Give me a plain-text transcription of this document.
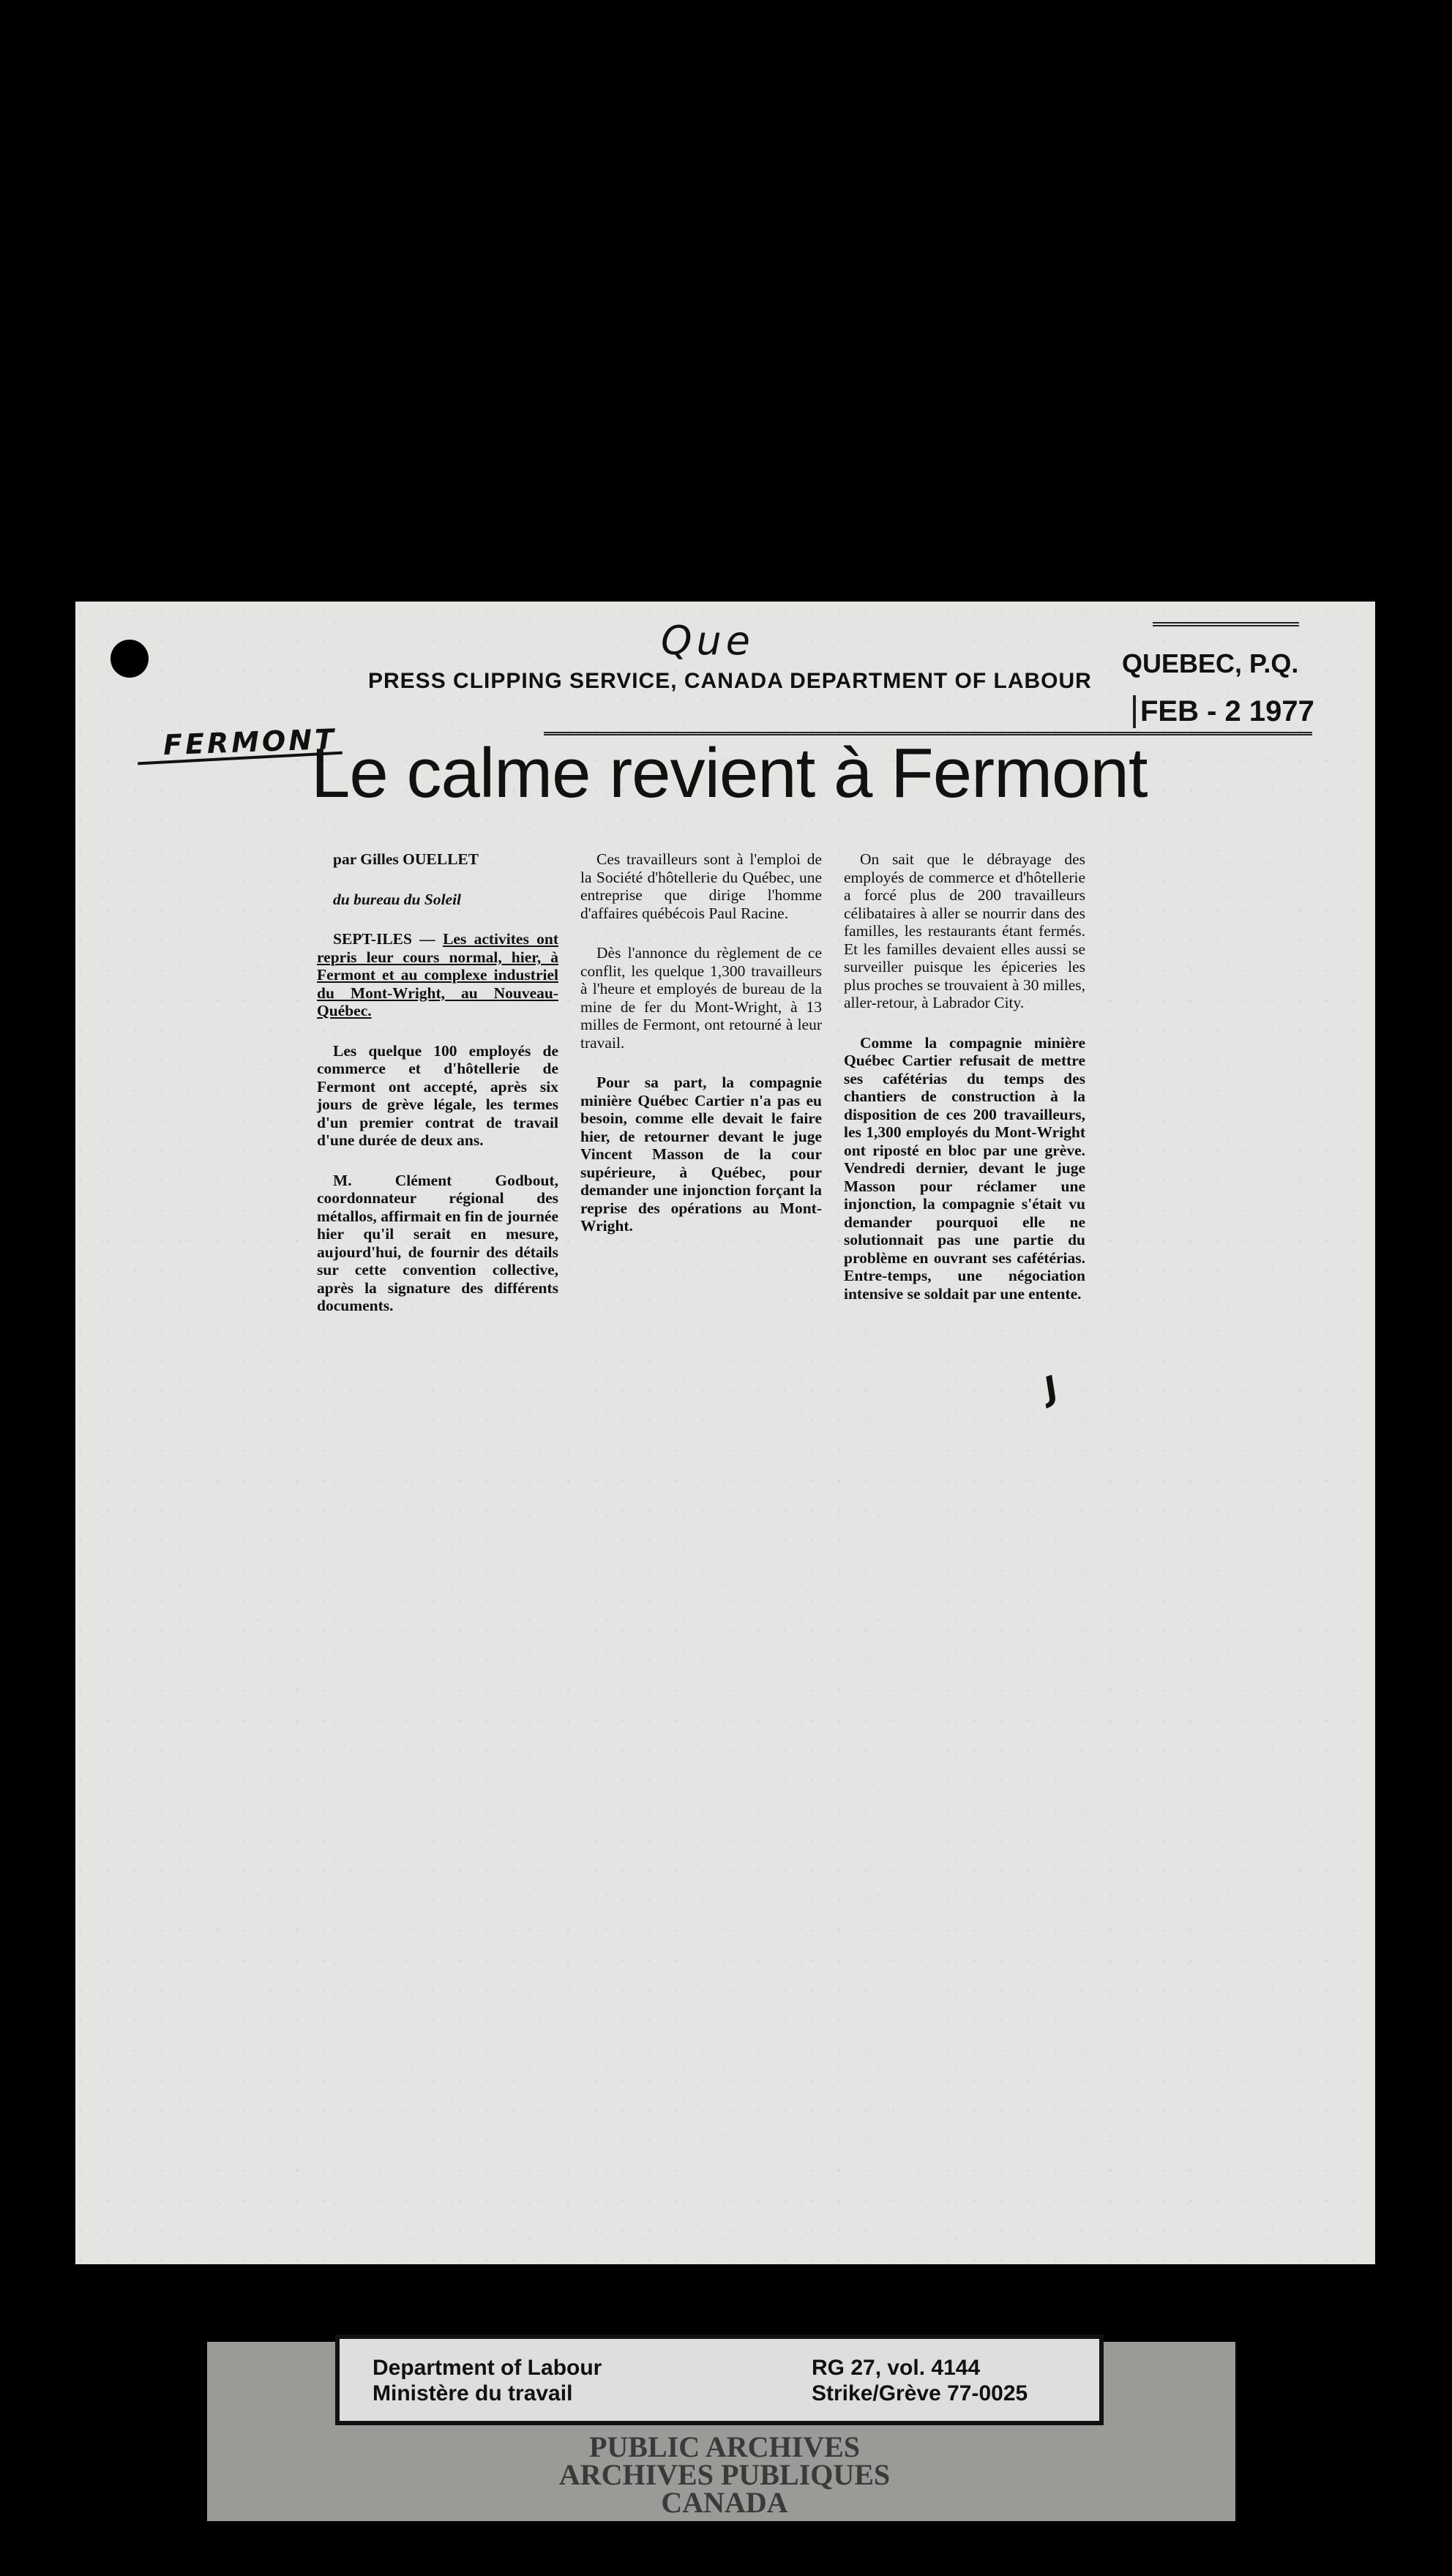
Que
PRESS CLIPPING SERVICE, CANADA DEPARTMENT OF LABOUR
QUEBEC, P.Q.
FEB - 2 1977
FERMONT
Le calme revient à Fermont

par Gilles OUELLET

du bureau du Soleil

SEPT-ILES — Les activites ont repris leur cours normal, hier, à Fermont et au complexe industriel du Mont-Wright, au Nouveau-Québec.

Les quelque 100 employés de commerce et d'hôtellerie de Fermont ont accepté, après six jours de grève légale, les termes d'un premier contrat de travail d'une durée de deux ans.

M. Clément Godbout, coordonnateur régional des métallos, affirmait en fin de journée hier qu'il serait en mesure, aujourd'hui, de fournir des détails sur cette convention collective, après la signature des différents documents.

Ces travailleurs sont à l'emploi de la Société d'hôtellerie du Québec, une entreprise que dirige l'homme d'affaires québécois Paul Racine.

Dès l'annonce du règlement de ce conflit, les quelque 1,300 travailleurs à l'heure et employés de bureau de la mine de fer du Mont-Wright, à 13 milles de Fermont, ont retourné à leur travail.

Pour sa part, la compagnie minière Québec Cartier n'a pas eu besoin, comme elle devait le faire hier, de retourner devant le juge Vincent Masson de la cour supérieure, à Québec, pour demander une injonction forçant la reprise des opérations au Mont-Wright.

On sait que le débrayage des employés de commerce et d'hôtellerie a forcé plus de 200 travailleurs célibataires à aller se nourrir dans des familles, les restaurants étant fermés. Et les familles devaient elles aussi se surveiller puisque les épiceries les plus proches se trouvaient à 30 milles, aller-retour, à Labrador City.

Comme la compagnie minière Québec Cartier refusait de mettre ses cafétérias du temps des chantiers de construction à la disposition de ces 200 travailleurs, les 1,300 employés du Mont-Wright ont riposté en bloc par une grève. Vendredi dernier, devant le juge Masson pour réclamer une injonction, la compagnie s'était vu demander pourquoi elle ne solutionnait pas une partie du problème en ouvrant ses cafétérias. Entre-temps, une négociation intensive se soldait par une entente.

J
Department of Labour
Ministère du travail
RG 27, vol. 4144
Strike/Grève 77-0025
PUBLIC ARCHIVES
ARCHIVES PUBLIQUES
CANADA
